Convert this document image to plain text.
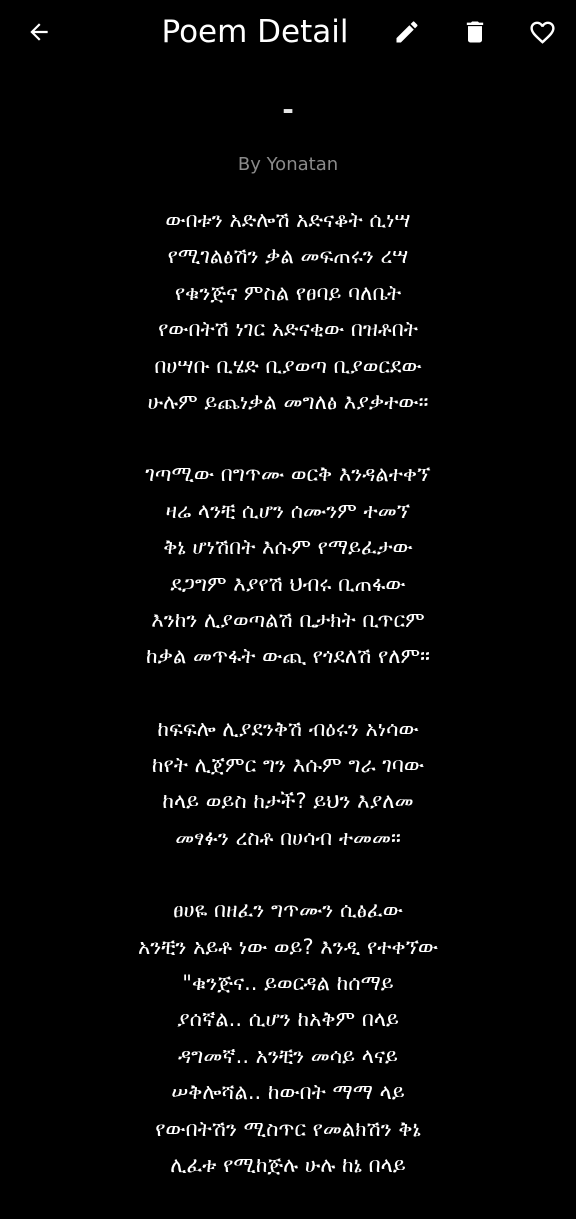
Poem Detail
-
By Yonatan
ውበቱን አድሎሽ አድናቆት ሲነሣ
የሚገልፅሽን ቃል መፍጠሩን ረሣ
የቁንጅና ምስል የፀባይ ባለቤት
የውበትሽ ነገር አድናቂው በዝቶበት
በሀሣቡ ቢሄድ ቢያወጣ ቢያወርደው
ሁሉም ይጨነቃል መግለፅ እያቃተው።
ገጣሚው በግጥሙ ወርቅ እንዳልተቀኘ
ዛሬ ላንቺ ሲሆን ሰሙንም ተመኘ
ቅኔ ሆነሽበት እሱም የማይፈታው
ደጋግም እያየሽ ህብሩ ቢጠፋው
እንከን ሊያወጣልሽ ቢታክት ቢጥርም
ከቃል መጥፋት ውጪ የጎደለሽ የለም።
ከፍፍሎ ሊያደንቅሽ ብዕሩን አነሳው
ከየት ሊጀምር ግን እሱም ግራ ገባው
ከላይ ወይስ ከታች? ይህን እያለመ
መፃፉን ረስቶ በሀሳብ ተመመ።
ፀሀዬ በዘፈን ግጥሙን ሲፅፈው
አንቺን አይቶ ነው ወይ? እንዲ የተቀኘው
"ቁንጅና.. ይወርዳል ከሰማይ
ያሰኛል.. ሲሆን ከአቅም በላይ
ዳግመኛ.. አንቺን መሳይ ላናይ
ሠቅሎሻል.. ከውበት ማማ ላይ
የውበትሽን ሚስጥር የመልክሽን ቅኔ
ሊፈቱ የሚከጅሉ ሁሉ ከኔ በላይ
